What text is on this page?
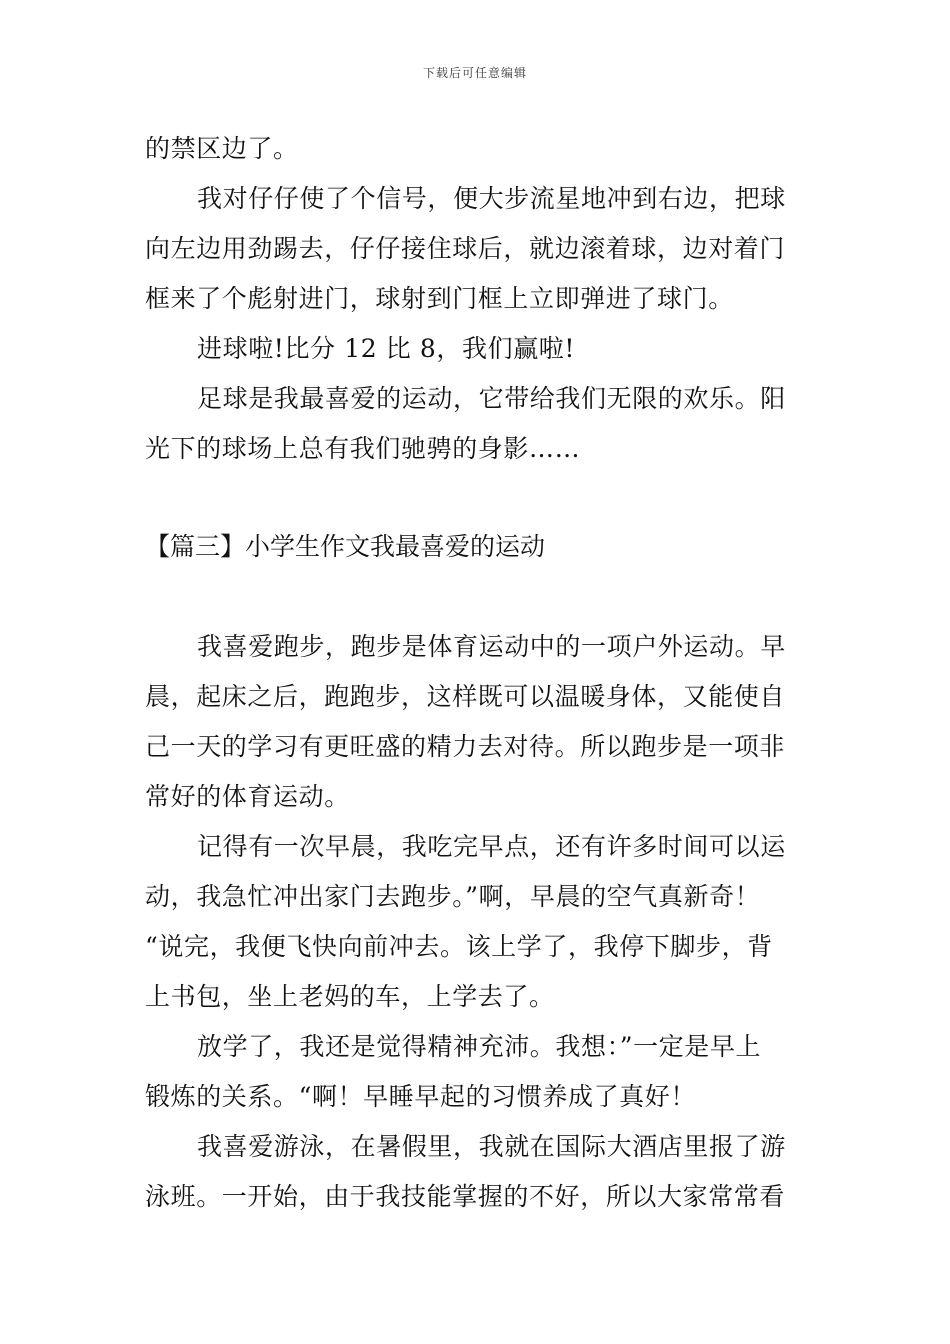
下载后可任意编辑
的禁区边了。
我对仔仔使了个信号，便大步流星地冲到右边，把球
向左边用劲踢去，仔仔接住球后，就边滚着球，边对着门
框来了个彪射进门，球射到门框上立即弹进了球门。
进球啦!比分 12 比 8，我们赢啦!
足球是我最喜爱的运动，它带给我们无限的欢乐。阳
光下的球场上总有我们驰骋的身影……
【篇三】小学生作文我最喜爱的运动
我喜爱跑步，跑步是体育运动中的一项户外运动。早
晨，起床之后，跑跑步，这样既可以温暖身体，又能使自
己一天的学习有更旺盛的精力去对待。所以跑步是一项非
常好的体育运动。
记得有一次早晨，我吃完早点，还有许多时间可以运
动，我急忙冲出家门去跑步。”啊，早晨的空气真新奇！
“说完，我便飞快向前冲去。该上学了，我停下脚步，背
上书包，坐上老妈的车，上学去了。
放学了，我还是觉得精神充沛。我想：”一定是早上
锻炼的关系。“啊！早睡早起的习惯养成了真好！
我喜爱游泳，在暑假里，我就在国际大酒店里报了游
泳班。一开始，由于我技能掌握的不好，所以大家常常看
